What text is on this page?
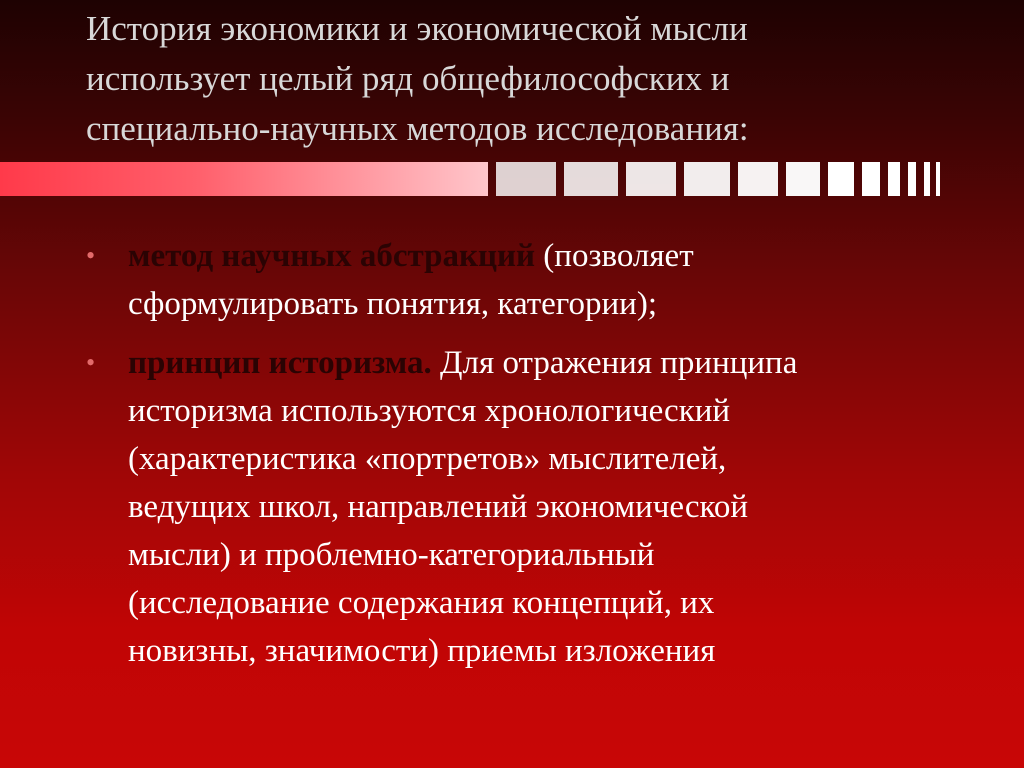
История экономики и экономической мысли
использует целый ряд общефилософских и
специально-научных методов исследования:
• метод научных абстракций (позволяет
сформулировать понятия, категории);
• принцип историзма. Для отражения принципа
историзма используются хронологический
(характеристика «портретов» мыслителей,
ведущих школ, направлений экономической
мысли) и проблемно-категориальный
(исследование содержания концепций, их
новизны, значимости) приемы изложения
